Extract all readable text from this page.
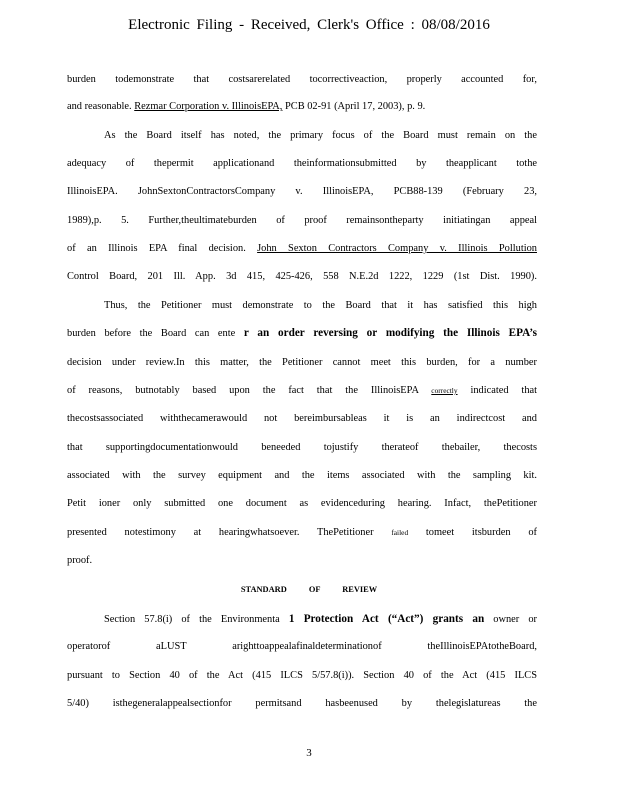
Electronic Filing - Received, Clerk's Office : 08/08/2016
burden todemonstrate that costsarerelated tocorrectiveaction, properly accounted for,
and reasonable. Rezmar Corporation v. IllinoisEPA, PCB 02-91 (April 17, 2003), p. 9.
As the Board itself has noted, the primary focus of the Board must remain on the
adequacy of thepermit applicationand theinformationsubmitted by theapplicant tothe
IllinoisEPA. JohnSextonContractorsCompany v. IllinoisEPA, PCB88-139 (February 23,
1989),p. 5. Further,theultimateburden of proof remainsontheparty initiatingan appeal
of an Illinois EPA final decision. John Sexton Contractors Company v. Illinois Pollution
Control Board, 201 Ill. App. 3d 415, 425-426, 558 N.E.2d 1222, 1229 (1st Dist. 1990).
Thus, the Petitioner must demonstrate to the Board that it has satisfied this high
burden before the Board can ente r an order reversing or modifying the Illinois EPA’s
decision under review.In this matter, the Petitioner cannot meet this burden, for a number
of reasons, butnotably based upon the fact that the IllinoisEPA correctly indicated that
thecostsassociated withthecamerawould not bereimbursableas it is an indirectcost and
that supportingdocumentationwould beneeded tojustify therateof thebailer, thecosts
associated with the survey equipment and the items associated with the sampling kit.
Petit ioner only submitted one document as evidenceduring hearing. Infact, thePetitioner
presented notestimony at hearingwhatsoever. ThePetitioner failed tomeet itsburden of
proof.
STANDARD OF REVIEW
Section 57.8(i) of the Environmenta 1 Protection Act (“Act”) grants an owner or
operatorof aLUST arighttoappealafinaldeterminationof theIllinoisEPAtotheBoard,
pursuant to Section 40 of the Act (415 ILCS 5/57.8(i)). Section 40 of the Act (415 ILCS
5/40) isthegeneralappealsectionfor permitsand hasbeenused by thelegislatureas the
3
